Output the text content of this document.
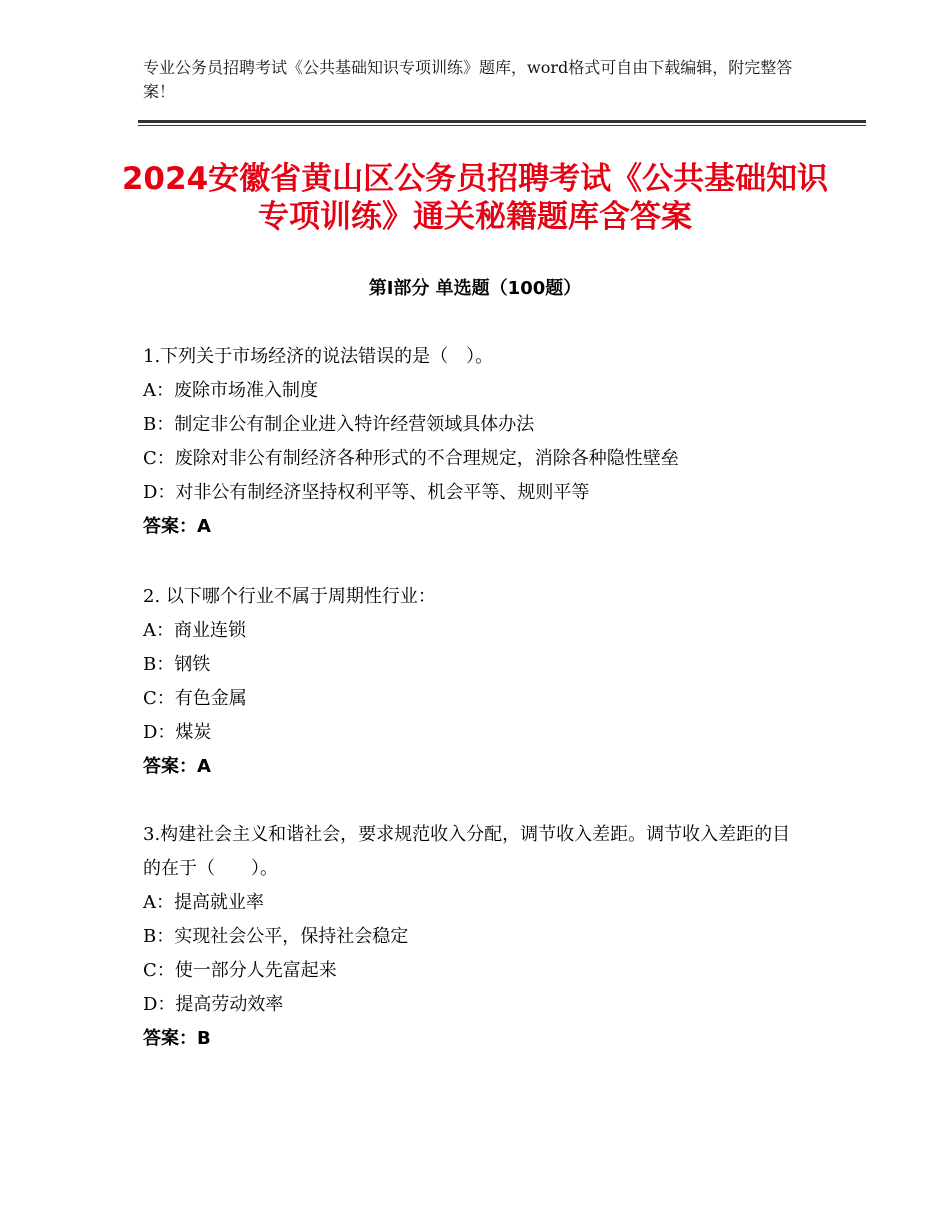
专业公务员招聘考试《公共基础知识专项训练》题库，word格式可自由下载编辑，附完整答案！
2024安徽省黄山区公务员招聘考试《公共基础知识专项训练》通关秘籍题库含答案
第Ⅰ部分 单选题（100题）
1.下列关于市场经济的说法错误的是（　）。
A：废除市场准入制度
B：制定非公有制企业进入特许经营领域具体办法
C：废除对非公有制经济各种形式的不合理规定，消除各种隐性壁垒
D：对非公有制经济坚持权利平等、机会平等、规则平等
答案：A
2. 以下哪个行业不属于周期性行业：
A：商业连锁
B：钢铁
C：有色金属
D：煤炭
答案：A
3.构建社会主义和谐社会，要求规范收入分配，调节收入差距。调节收入差距的目的在于（　　）。
A：提高就业率
B：实现社会公平，保持社会稳定
C：使一部分人先富起来
D：提高劳动效率
答案：B
